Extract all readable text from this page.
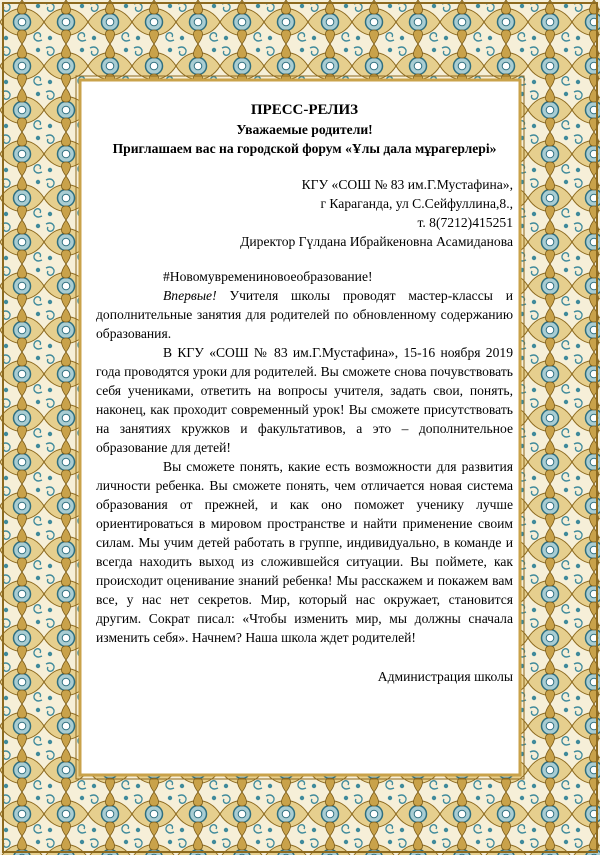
ПРЕСС-РЕЛИЗ
Уважаемые родители!
Приглашаем вас на городской форум «Ұлы дала мұрагерлері»
КГУ «СОШ № 83 им.Г.Мустафина»,
г Караганда, ул С.Сейфуллина,8.,
т. 8(7212)415251
Директор Гүлдана Ибрайкеновна Асамиданова
#Новомувремениновоеобразование!

Впервые! Учителя школы проводят мастер-классы и дополнительные занятия для родителей по обновленному содержанию образования.

В КГУ «СОШ № 83 им.Г.Мустафина», 15-16 ноября 2019 года проводятся уроки для родителей. Вы сможете снова почувствовать себя учениками, ответить на вопросы учителя, задать свои, понять, наконец, как проходит современный урок! Вы сможете присутствовать на занятиях кружков и факультативов, а это – дополнительное образование для детей!

Вы сможете понять, какие есть возможности для развития личности ребенка. Вы сможете понять, чем отличается новая система образования от прежней, и как оно поможет ученику лучше ориентироваться в мировом пространстве и найти применение своим силам. Мы учим детей работать в группе, индивидуально, в команде и всегда находить выход из сложившейся ситуации. Вы поймете, как происходит оценивание знаний ребенка! Мы расскажем и покажем вам все, у нас нет секретов. Мир, который нас окружает, становится другим. Сократ писал: «Чтобы изменить мир, мы должны сначала изменить себя». Начнем? Наша школа ждет родителей!

Администрация школы
